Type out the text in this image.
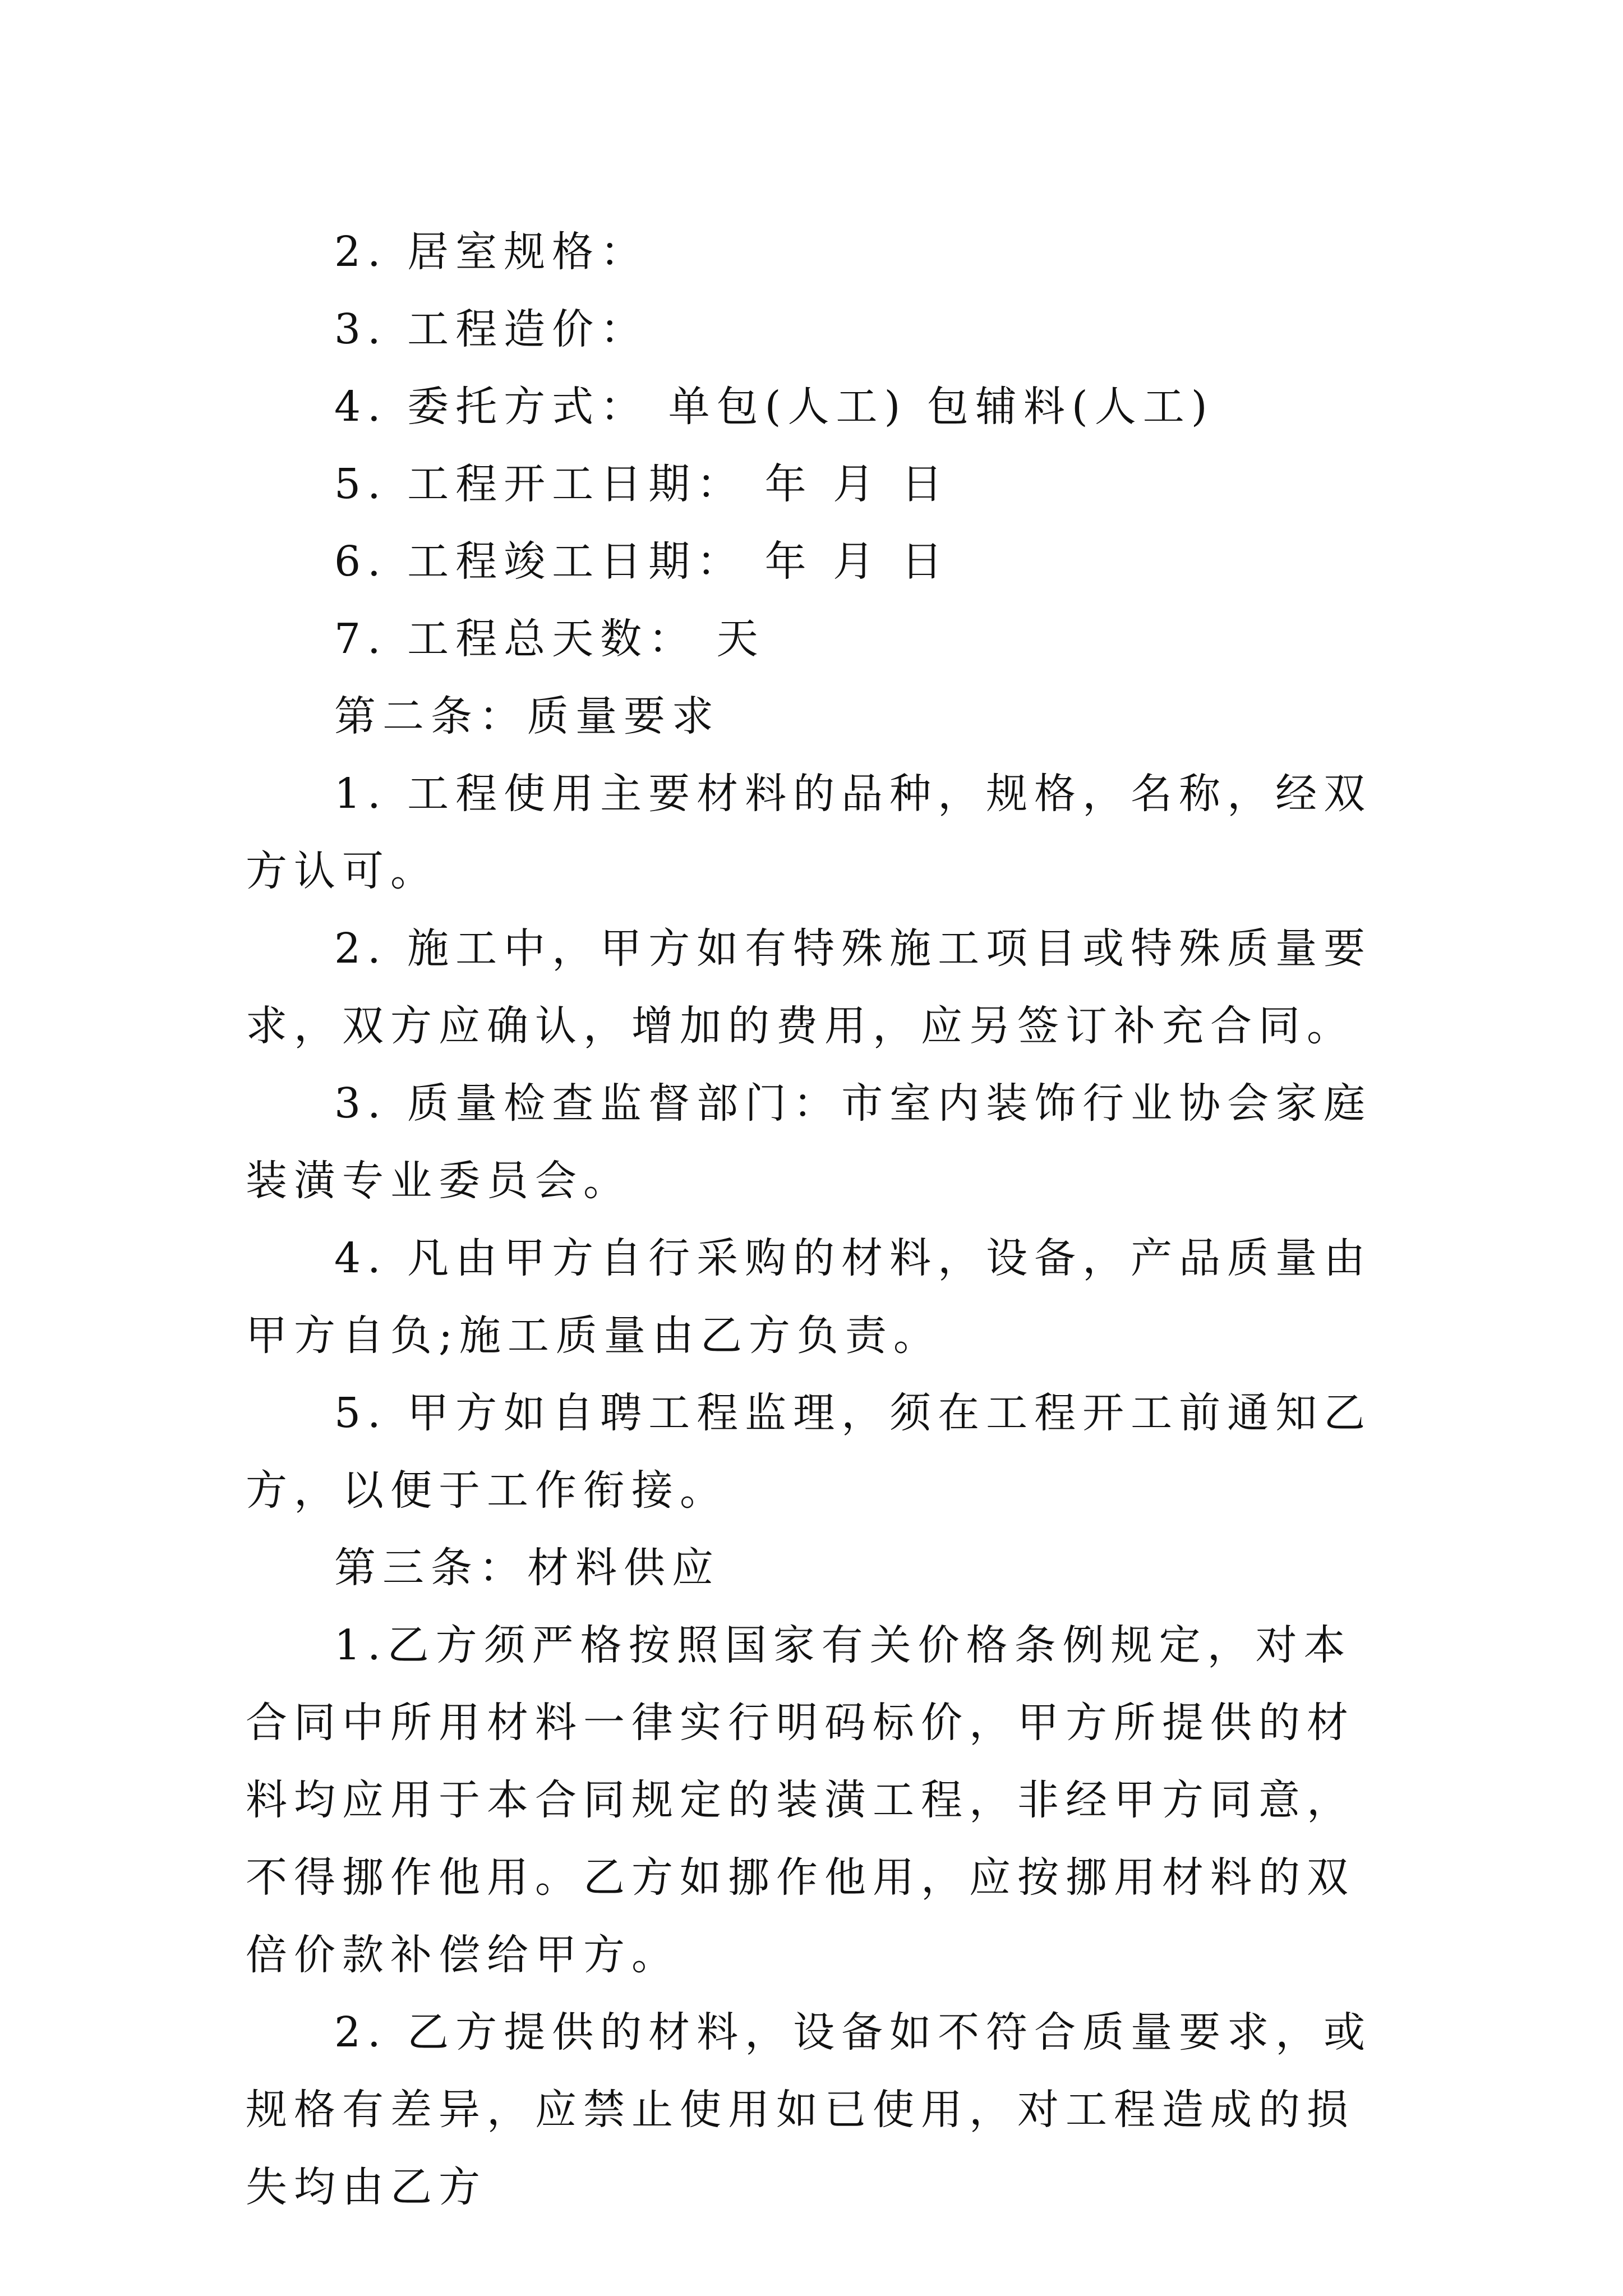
2. 居室规格：

3. 工程造价：

4. 委托方式： 单包(人工) 包辅料(人工)

5. 工程开工日期： 年 月 日

6. 工程竣工日期： 年 月 日

7. 工程总天数： 天

第二条：质量要求

1. 工程使用主要材料的品种，规格，名称，经双方认可。

2. 施工中，甲方如有特殊施工项目或特殊质量要求，双方应确认，增加的费用，应另签订补充合同。

3. 质量检查监督部门：市室内装饰行业协会家庭装潢专业委员会。

4. 凡由甲方自行采购的材料，设备，产品质量由甲方自负;施工质量由乙方负责。

5. 甲方如自聘工程监理，须在工程开工前通知乙方，以便于工作衔接。

第三条：材料供应

1.乙方须严格按照国家有关价格条例规定，对本合同中所用材料一律实行明码标价，甲方所提供的材料均应用于本合同规定的装潢工程，非经甲方同意，不得挪作他用。乙方如挪作他用，应按挪用材料的双倍价款补偿给甲方。

2. 乙方提供的材料，设备如不符合质量要求，或规格有差异，应禁止使用如已使用，对工程造成的损失均由乙方
